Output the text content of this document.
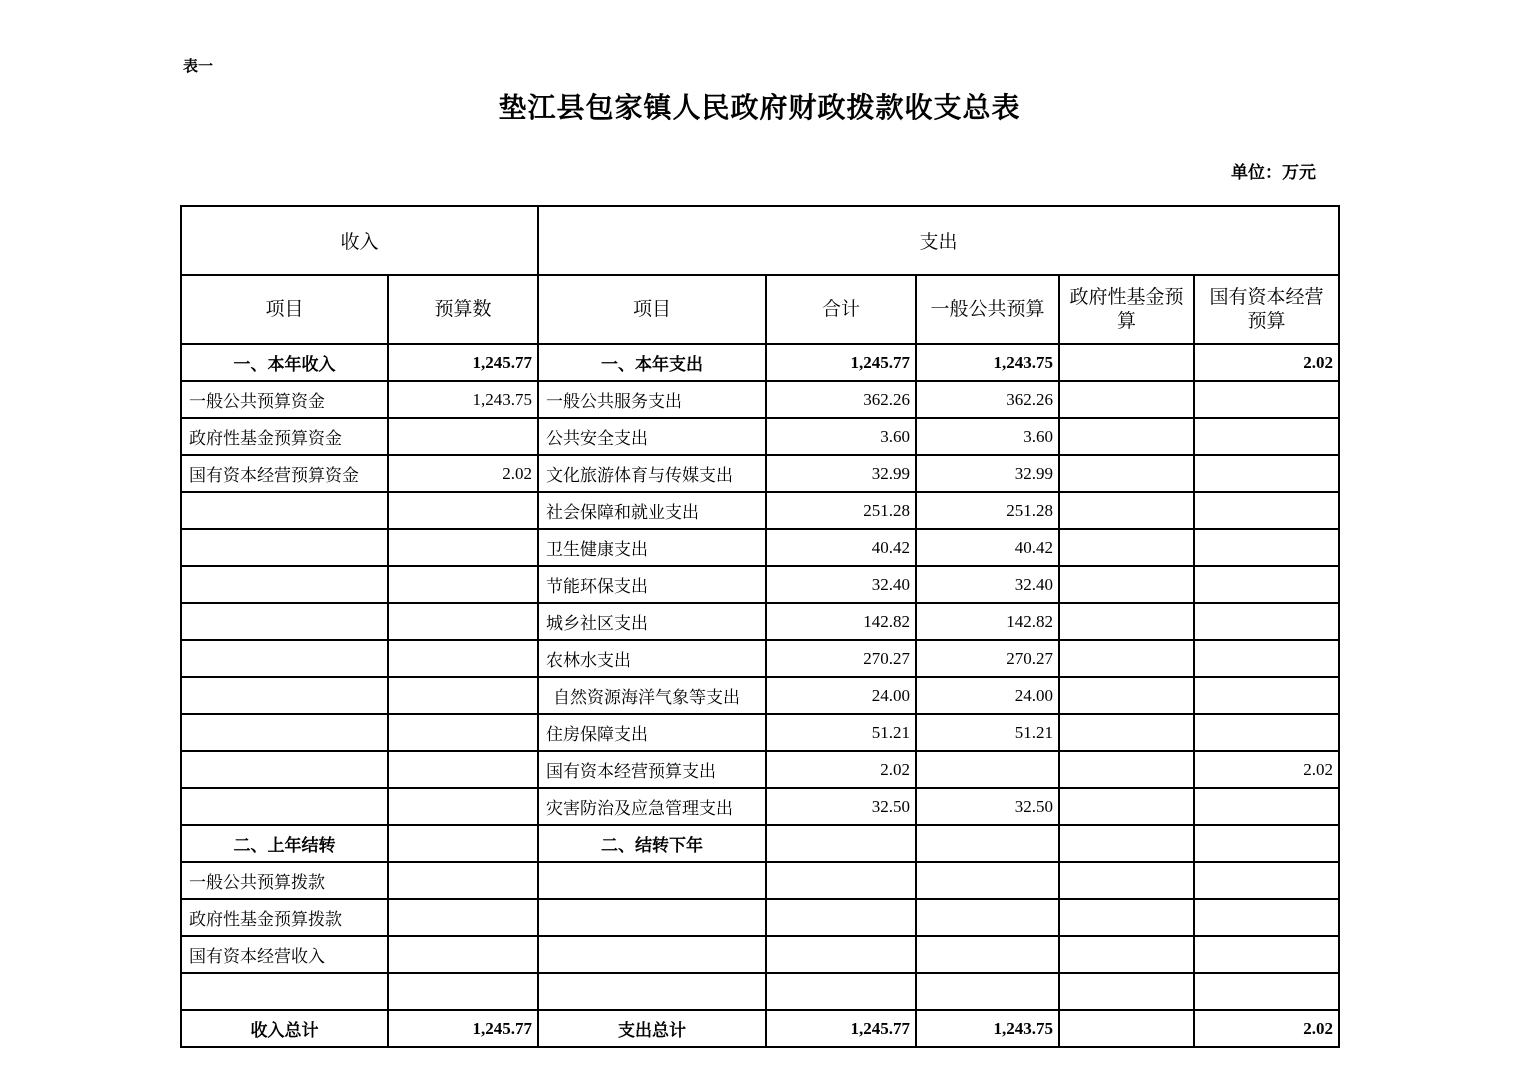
表一
垫江县包家镇人民政府财政拨款收支总表
单位：万元
收入		支出				
项目	预算数	项目	合计	一般公共预算	政府性基金预算	国有资本经营预算
一、本年收入	1,245.77	一、本年支出	1,245.77	1,243.75		2.02
一般公共预算资金	1,243.75	一般公共服务支出	362.26	362.26		
政府性基金预算资金		公共安全支出	3.60	3.60		
国有资本经营预算资金	2.02	文化旅游体育与传媒支出	32.99	32.99		
		社会保障和就业支出	251.28	251.28		
		卫生健康支出	40.42	40.42		
		节能环保支出	32.40	32.40		
		城乡社区支出	142.82	142.82		
		农林水支出	270.27	270.27		
		自然资源海洋气象等支出	24.00	24.00		
		住房保障支出	51.21	51.21		
		国有资本经营预算支出	2.02			2.02
		灾害防治及应急管理支出	32.50	32.50		
二、上年结转		二、结转下年				
一般公共预算拨款						
政府性基金预算拨款						
国有资本经营收入						

收入总计	1,245.77	支出总计	1,245.77	1,243.75		2.02
